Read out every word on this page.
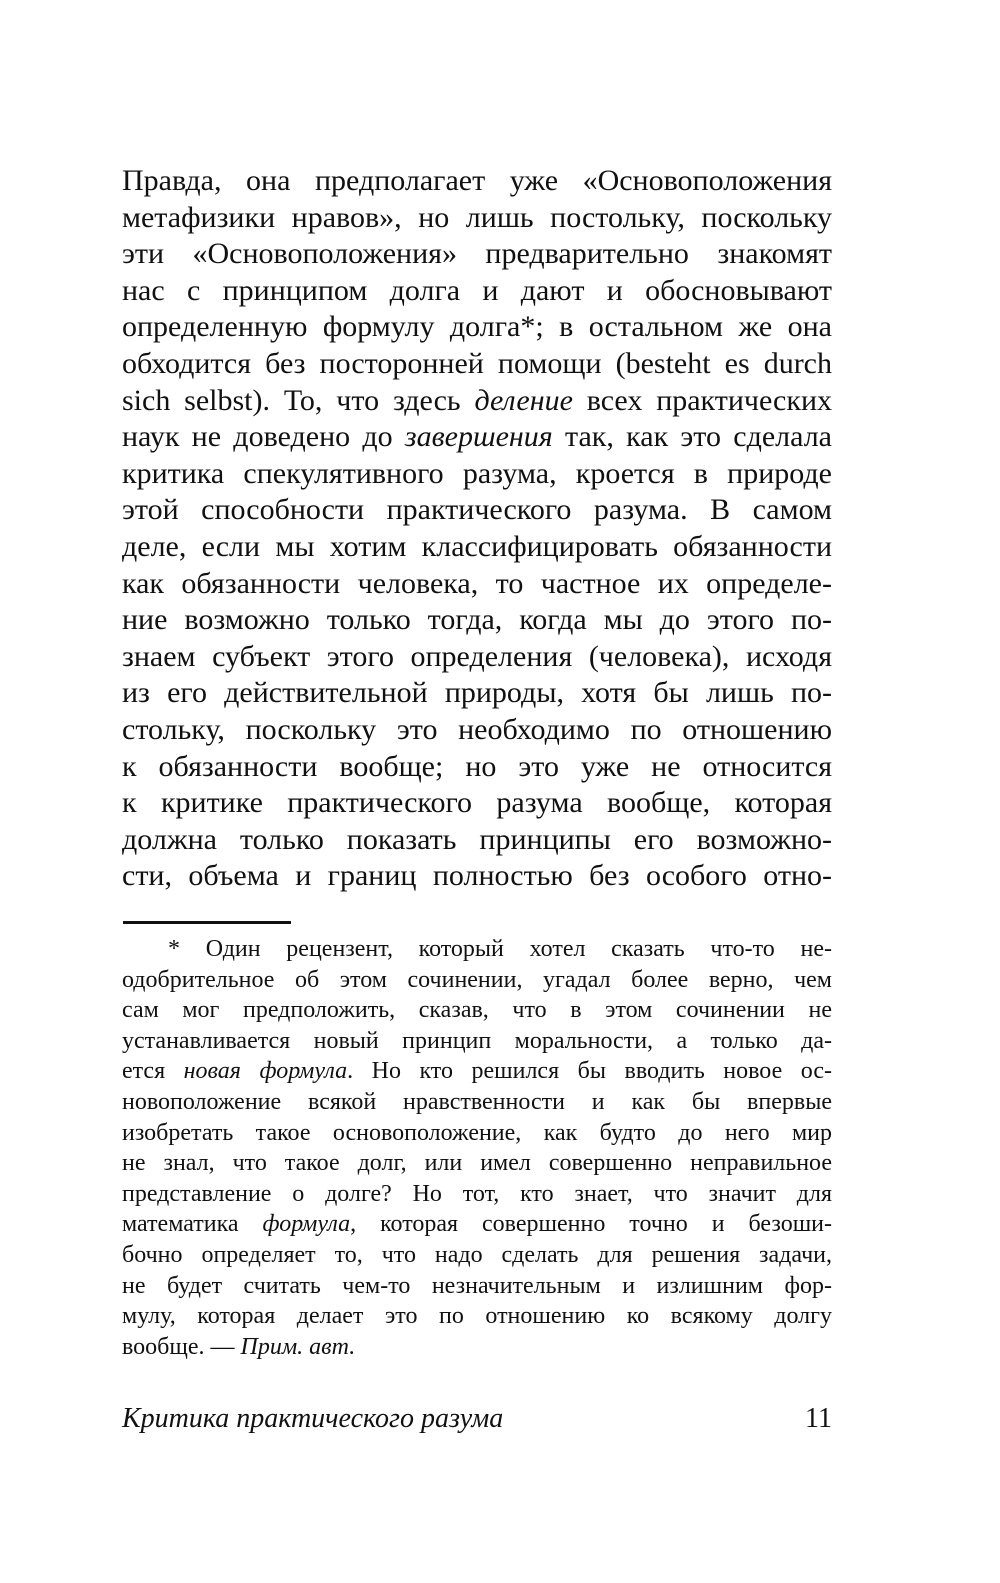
Правда, она предполагает уже «Основоположения
метафизики нравов», но лишь постольку, поскольку
эти «Основоположения» предварительно знакомят
нас с принципом долга и дают и обосновывают
определенную формулу долга*; в остальном же она
обходится без посторонней помощи (besteht es durch
sich selbst). То, что здесь деление всех практических
наук не доведено до завершения так, как это сделала
критика спекулятивного разума, кроется в природе
этой способности практического разума. В самом
деле, если мы хотим классифицировать обязанности
как обязанности человека, то частное их определе-
ние возможно только тогда, когда мы до этого по-
знаем субъект этого определения (человека), исходя
из его действительной природы, хотя бы лишь по-
стольку, поскольку это необходимо по отношению
к обязанности вообще; но это уже не относится
к критике практического разума вообще, которая
должна только показать принципы его возможно-
сти, объема и границ полностью без особого отно-
* Один рецензент, который хотел сказать что-то не-
одобрительное об этом сочинении, угадал более верно, чем
сам мог предположить, сказав, что в этом сочинении не
устанавливается новый принцип моральности, а только да-
ется новая формула. Но кто решился бы вводить новое ос-
новоположение всякой нравственности и как бы впервые
изобретать такое основоположение, как будто до него мир
не знал, что такое долг, или имел совершенно неправильное
представление о долге? Но тот, кто знает, что значит для
математика формула, которая совершенно точно и безоши-
бочно определяет то, что надо сделать для решения задачи,
не будет считать чем-то незначительным и излишним фор-
мулу, которая делает это по отношению ко всякому долгу
вообще. — Прим. авт.
Критика практического разума	11
